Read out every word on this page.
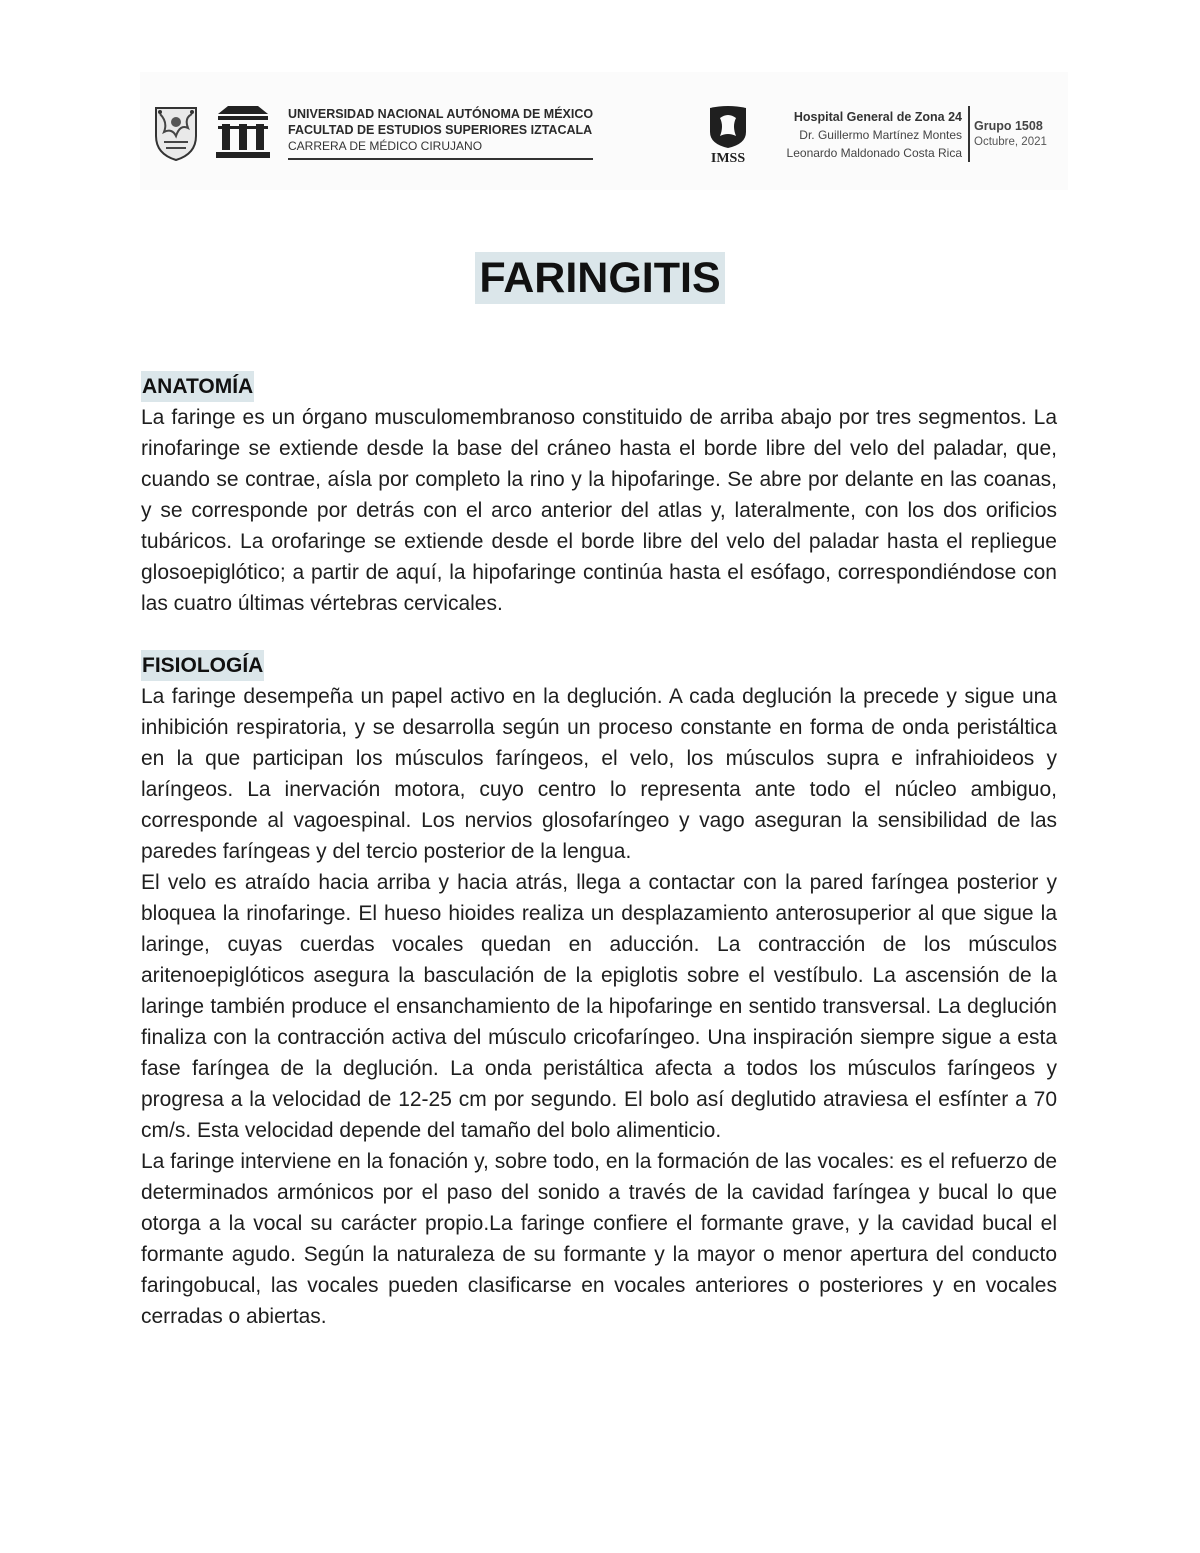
UNIVERSIDAD NACIONAL AUTÓNOMA DE MÉXICO
FACULTAD DE ESTUDIOS SUPERIORES IZTACALA
CARRERA DE MÉDICO CIRUJANO
IMSS
Hospital General de Zona 24
Dr. Guillermo Martínez Montes
Leonardo Maldonado Costa Rica
Grupo 1508
Octubre, 2021
FARINGITIS
ANATOMÍA

La faringe es un órgano musculomembranoso constituido de arriba abajo por tres segmentos. La rinofaringe se extiende desde la base del cráneo hasta el borde libre del velo del paladar, que, cuando se contrae, aísla por completo la rino y la hipofaringe. Se abre por delante en las coanas, y se corresponde por detrás con el arco anterior del atlas y, lateralmente, con los dos orificios tubáricos. La orofaringe se extiende desde el borde libre del velo del paladar hasta el repliegue glosoepiglótico; a partir de aquí, la hipofaringe continúa hasta el esófago, correspondiéndose con las cuatro últimas vértebras cervicales.

FISIOLOGÍA

La faringe desempeña un papel activo en la deglución. A cada deglución la precede y sigue una inhibición respiratoria, y se desarrolla según un proceso constante en forma de onda peristáltica en la que participan los músculos faríngeos, el velo, los músculos supra e infrahioideos y laríngeos. La inervación motora, cuyo centro lo representa ante todo el núcleo ambiguo, corresponde al vagoespinal. Los nervios glosofaríngeo y vago aseguran la sensibilidad de las paredes faríngeas y del tercio posterior de la lengua.

El velo es atraído hacia arriba y hacia atrás, llega a contactar con la pared faríngea posterior y bloquea la rinofaringe. El hueso hioides realiza un desplazamiento anterosuperior al que sigue la laringe, cuyas cuerdas vocales quedan en aducción. La contracción de los músculos aritenoepiglóticos asegura la basculación de la epiglotis sobre el vestíbulo. La ascensión de la laringe también produce el ensanchamiento de la hipofaringe en sentido transversal. La deglución finaliza con la contracción activa del músculo cricofaríngeo. Una inspiración siempre sigue a esta fase faríngea de la deglución. La onda peristáltica afecta a todos los músculos faríngeos y progresa a la velocidad de 12-25 cm por segundo. El bolo así deglutido atraviesa el esfínter a 70 cm/s. Esta velocidad depende del tamaño del bolo alimenticio.

La faringe interviene en la fonación y, sobre todo, en la formación de las vocales: es el refuerzo de determinados armónicos por el paso del sonido a través de la cavidad faríngea y bucal lo que otorga a la vocal su carácter propio.La faringe confiere el formante grave, y la cavidad bucal el formante agudo. Según la naturaleza de su formante y la mayor o menor apertura del conducto faringobucal, las vocales pueden clasificarse en vocales anteriores o posteriores y en vocales cerradas o abiertas.
